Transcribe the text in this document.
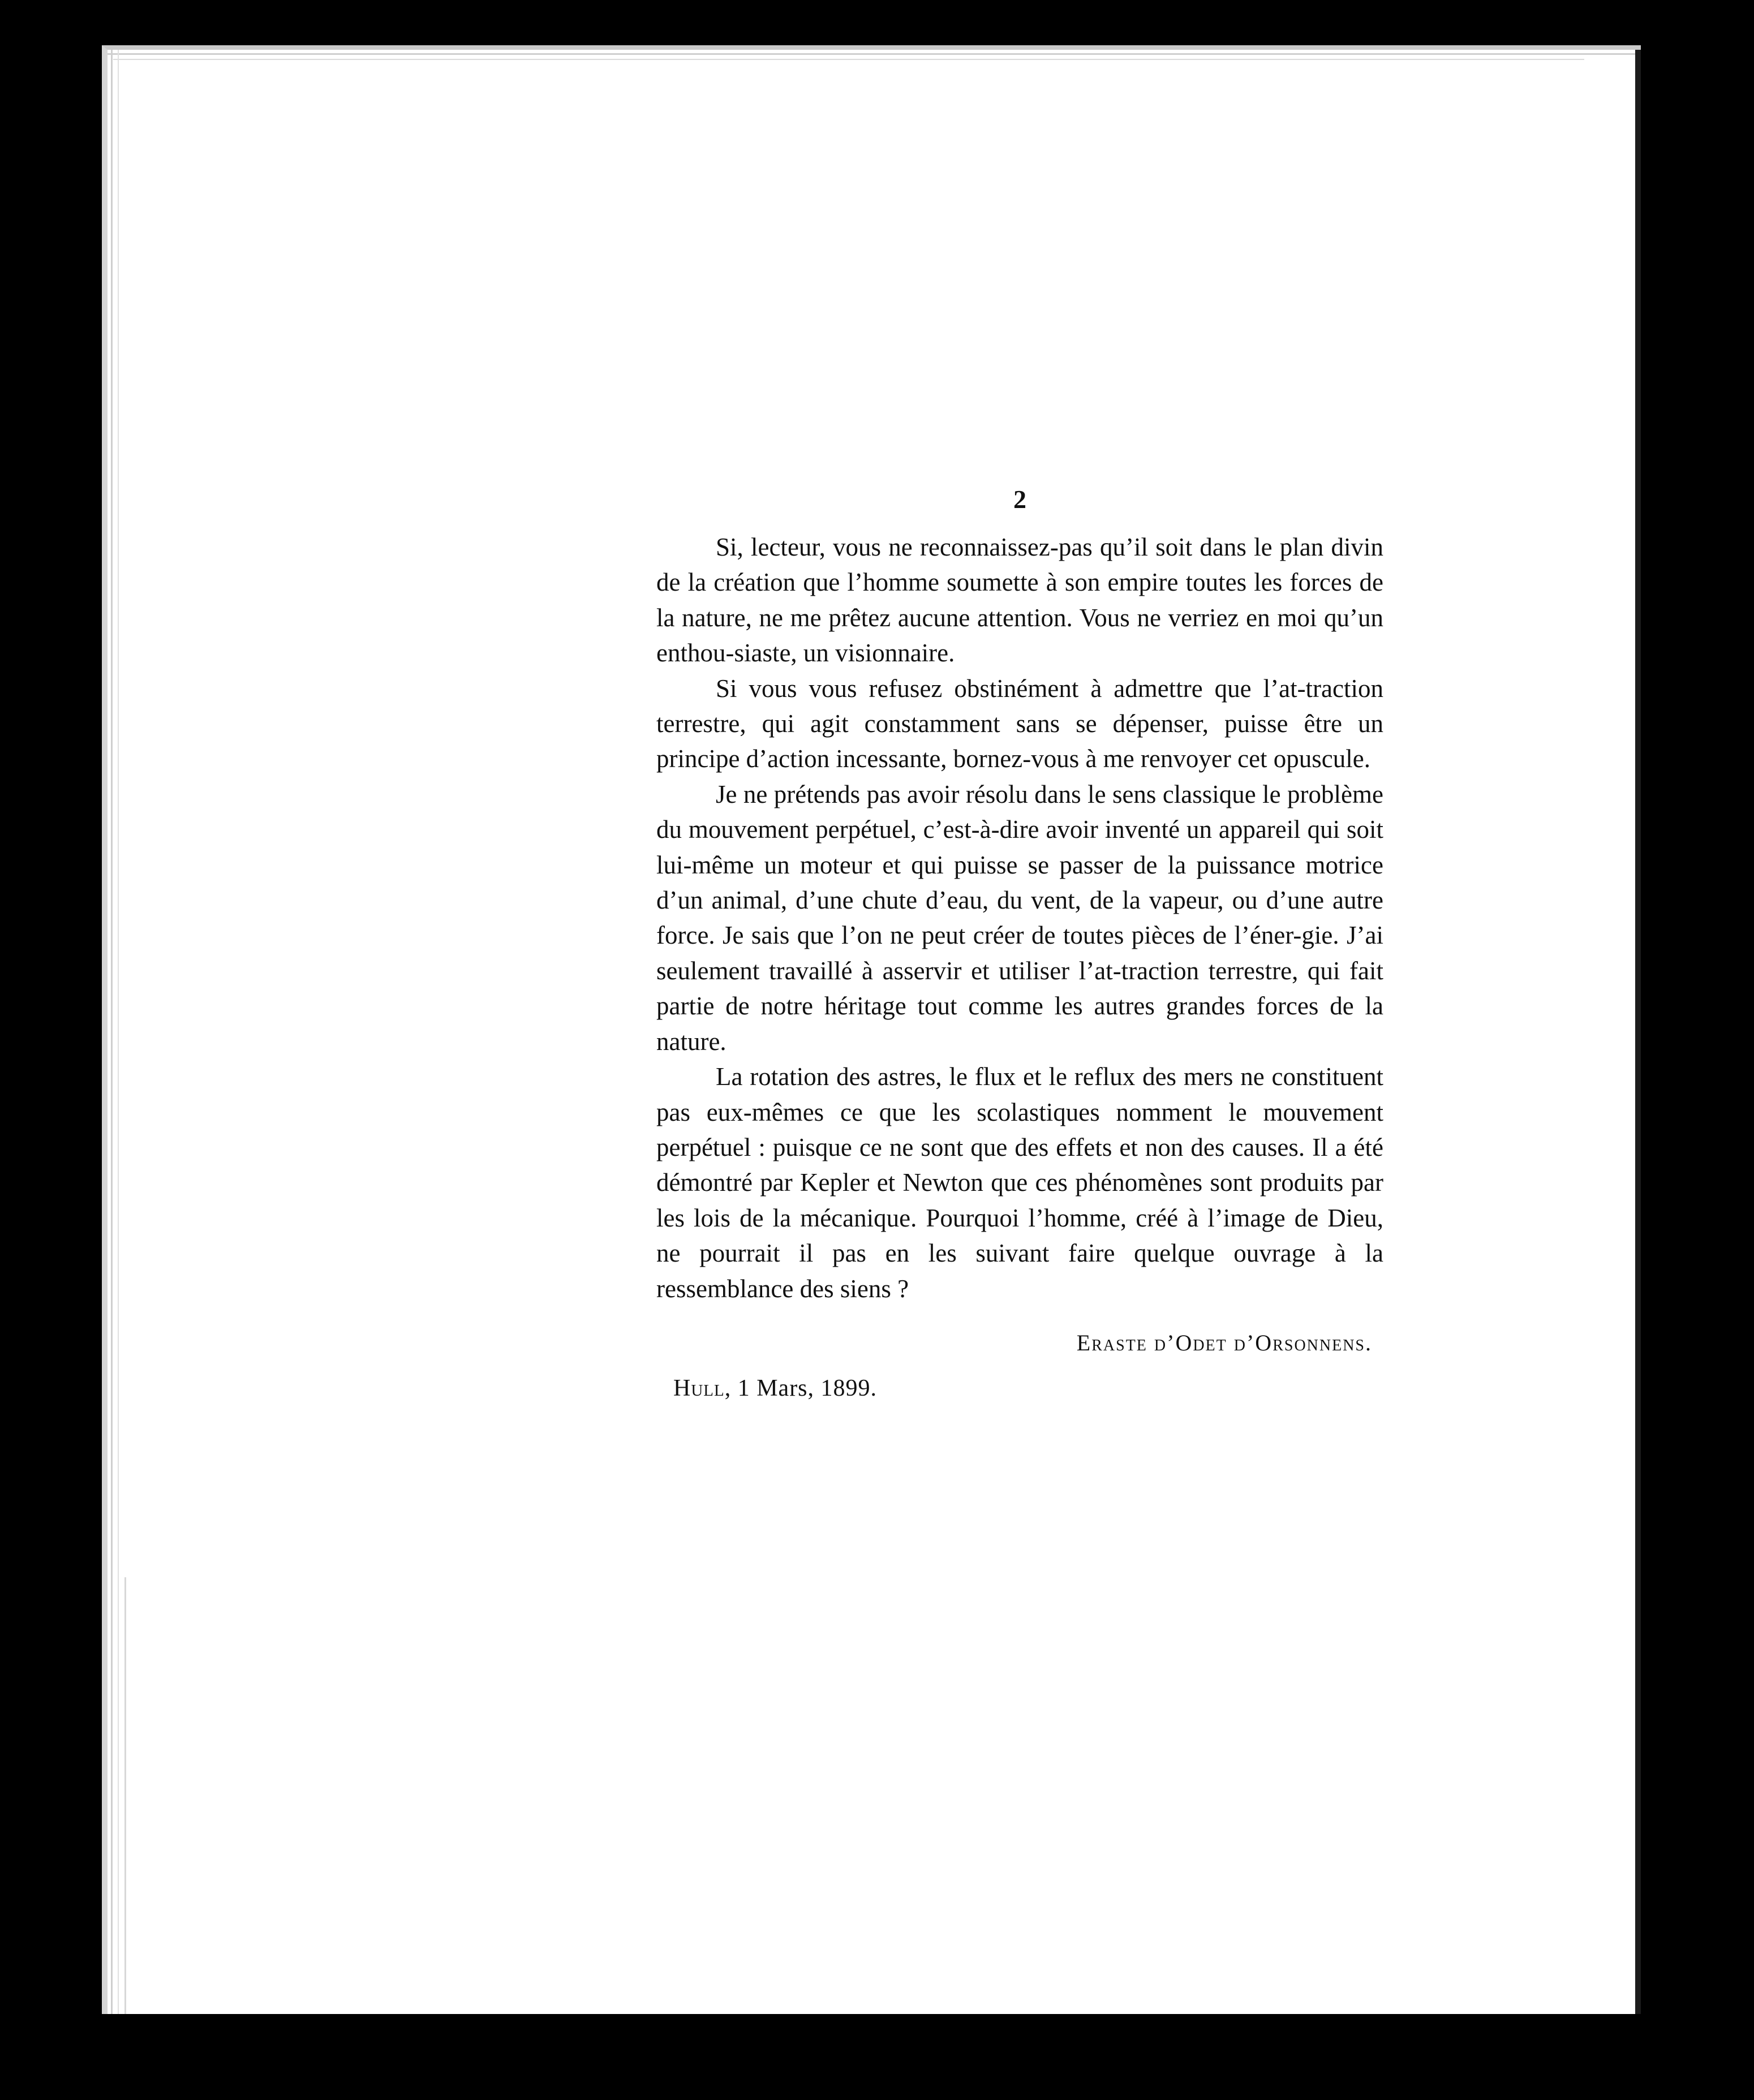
2

Si, lecteur, vous ne reconnaissez-pas qu’il soit dans le plan divin de la création que l’homme soumette à son empire toutes les forces de la nature, ne me prêtez aucune attention. Vous ne verriez en moi qu’un enthou-siaste, un visionnaire.

Si vous vous refusez obstinément à admettre que l’at-traction terrestre, qui agit constamment sans se dépenser, puisse être un principe d’action incessante, bornez-vous à me renvoyer cet opuscule.

Je ne prétends pas avoir résolu dans le sens classique le problème du mouvement perpétuel, c’est-à-dire avoir inventé un appareil qui soit lui-même un moteur et qui puisse se passer de la puissance motrice d’un animal, d’une chute d’eau, du vent, de la vapeur, ou d’une autre force. Je sais que l’on ne peut créer de toutes pièces de l’éner-gie. J’ai seulement travaillé à asservir et utiliser l’at-traction terrestre, qui fait partie de notre héritage tout comme les autres grandes forces de la nature.

La rotation des astres, le flux et le reflux des mers ne constituent pas eux-mêmes ce que les scolastiques nomment le mouvement perpétuel : puisque ce ne sont que des effets et non des causes. Il a été démontré par Kepler et Newton que ces phénomènes sont produits par les lois de la mécanique. Pourquoi l’homme, créé à l’image de Dieu, ne pourrait il pas en les suivant faire quelque ouvrage à la ressemblance des siens ?

Eraste d’Odet d’Orsonnens.
Hull, 1 Mars, 1899.
